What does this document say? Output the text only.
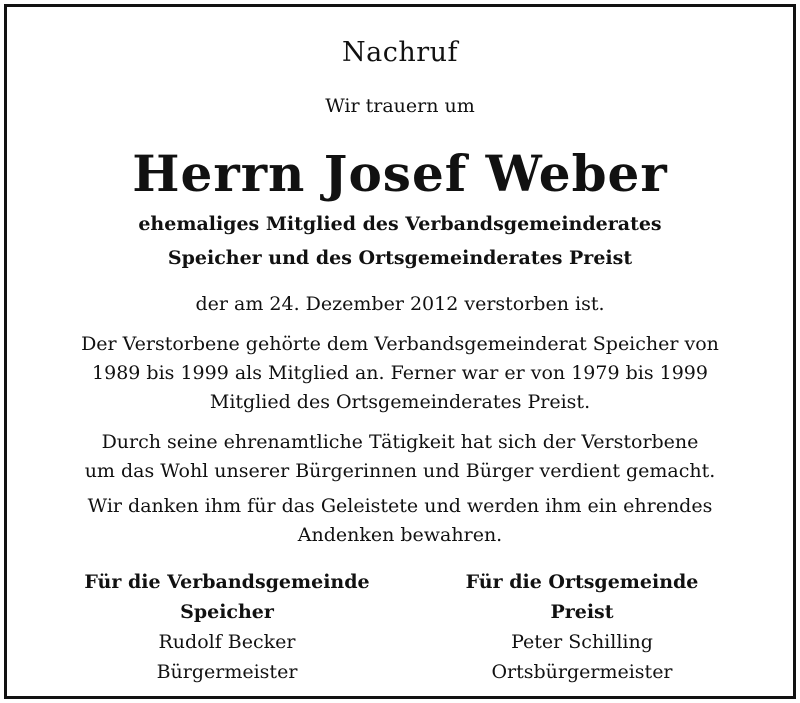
Nachruf
Wir trauern um
Herrn Josef Weber
ehemaliges Mitglied des Verbandsgemeinderates
Speicher und des Ortsgemeinderates Preist
der am 24. Dezember 2012 verstorben ist.
Der Verstorbene gehörte dem Verbandsgemeinderat Speicher von
1989 bis 1999 als Mitglied an. Ferner war er von 1979 bis 1999
Mitglied des Ortsgemeinderates Preist.
Durch seine ehrenamtliche Tätigkeit hat sich der Verstorbene
um das Wohl unserer Bürgerinnen und Bürger verdient gemacht.
Wir danken ihm für das Geleistete und werden ihm ein ehrendes
Andenken bewahren.
Für die Verbandsgemeinde
Speicher
Rudolf Becker
Bürgermeister
Für die Ortsgemeinde
Preist
Peter Schilling
Ortsbürgermeister
